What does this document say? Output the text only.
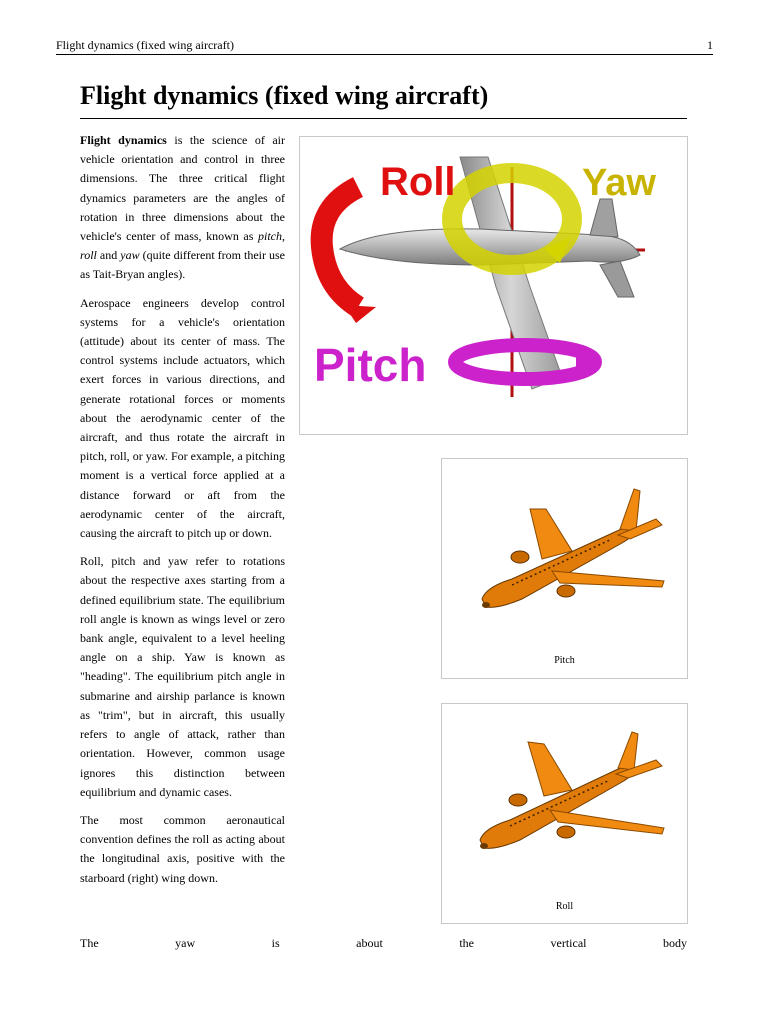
Flight dynamics (fixed wing aircraft)	1
Flight dynamics (fixed wing aircraft)

Flight dynamics is the science of air vehicle orientation and control in three dimensions. The three critical flight dynamics parameters are the angles of rotation in three dimensions about the vehicle's center of mass, known as pitch, roll and yaw (quite different from their use as Tait-Bryan angles).

Aerospace engineers develop control systems for a vehicle's orientation (attitude) about its center of mass. The control systems include actuators, which exert forces in various directions, and generate rotational forces or moments about the aerodynamic center of the aircraft, and thus rotate the aircraft in pitch, roll, or yaw. For example, a pitching moment is a vertical force applied at a distance forward or aft from the aerodynamic center of the aircraft, causing the aircraft to pitch up or down.

Roll, pitch and yaw refer to rotations about the respective axes starting from a defined equilibrium state. The equilibrium roll angle is known as wings level or zero bank angle, equivalent to a level heeling angle on a ship. Yaw is known as "heading". The equilibrium pitch angle in submarine and airship parlance is known as "trim", but in aircraft, this usually refers to angle of attack, rather than orientation. However, common usage ignores this distinction between equilibrium and dynamic cases.

The most common aeronautical convention defines the roll as acting about the longitudinal axis, positive with the starboard (right) wing down.

The	yaw	is	about	the	vertical	body
Roll	Yaw
Pitch
Pitch
Roll
